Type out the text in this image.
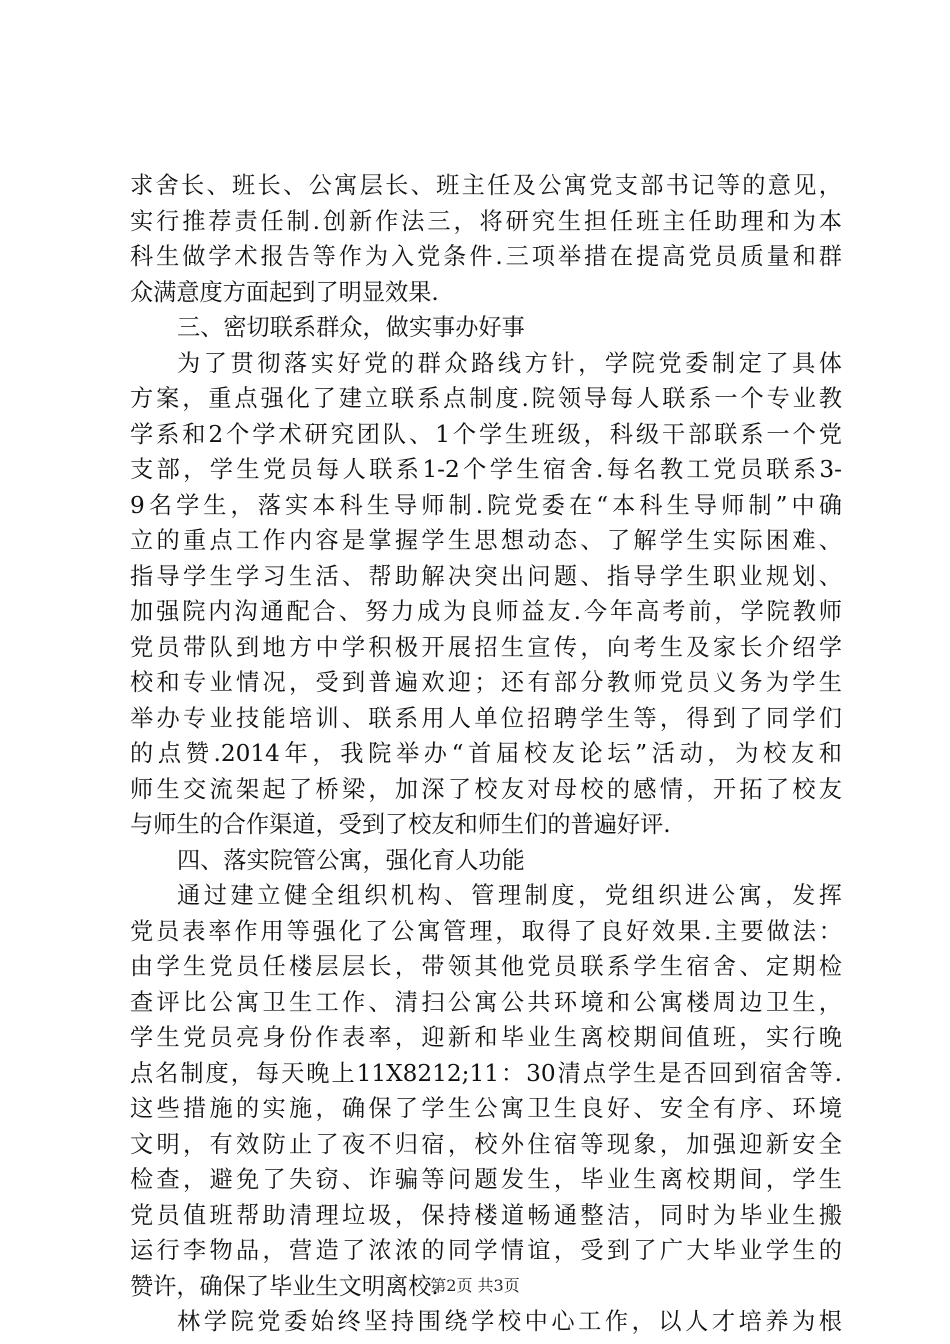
求舍长、班长、公寓层长、班主任及公寓党支部书记等的意见，
实行推荐责任制.创新作法三，将研究生担任班主任助理和为本
科生做学术报告等作为入党条件.三项举措在提高党员质量和群
众满意度方面起到了明显效果.
三、密切联系群众，做实事办好事
为了贯彻落实好党的群众路线方针，学院党委制定了具体
方案，重点强化了建立联系点制度.院领导每人联系一个专业教
学系和2个学术研究团队、1个学生班级，科级干部联系一个党
支部，学生党员每人联系1-2个学生宿舍.每名教工党员联系3-
9名学生，落实本科生导师制.院党委在“本科生导师制”中确
立的重点工作内容是掌握学生思想动态、了解学生实际困难、
指导学生学习生活、帮助解决突出问题、指导学生职业规划、
加强院内沟通配合、努力成为良师益友.今年高考前，学院教师
党员带队到地方中学积极开展招生宣传，向考生及家长介绍学
校和专业情况，受到普遍欢迎；还有部分教师党员义务为学生
举办专业技能培训、联系用人单位招聘学生等，得到了同学们
的点赞.2014年，我院举办“首届校友论坛”活动，为校友和
师生交流架起了桥梁，加深了校友对母校的感情，开拓了校友
与师生的合作渠道，受到了校友和师生们的普遍好评.
四、落实院管公寓，强化育人功能
通过建立健全组织机构、管理制度，党组织进公寓，发挥
党员表率作用等强化了公寓管理，取得了良好效果.主要做法：
由学生党员任楼层层长，带领其他党员联系学生宿舍、定期检
查评比公寓卫生工作、清扫公寓公共环境和公寓楼周边卫生，
学生党员亮身份作表率，迎新和毕业生离校期间值班，实行晚
点名制度，每天晚上11X8212;11：30清点学生是否回到宿舍等.
这些措施的实施，确保了学生公寓卫生良好、安全有序、环境
文明，有效防止了夜不归宿，校外住宿等现象，加强迎新安全
检查，避免了失窃、诈骗等问题发生，毕业生离校期间，学生
党员值班帮助清理垃圾，保持楼道畅通整洁，同时为毕业生搬
运行李物品，营造了浓浓的同学情谊，受到了广大毕业学生的
赞许，确保了毕业生文明离校.
林学院党委始终坚持围绕学校中心工作，以人才培养为根
第2页 共3页
